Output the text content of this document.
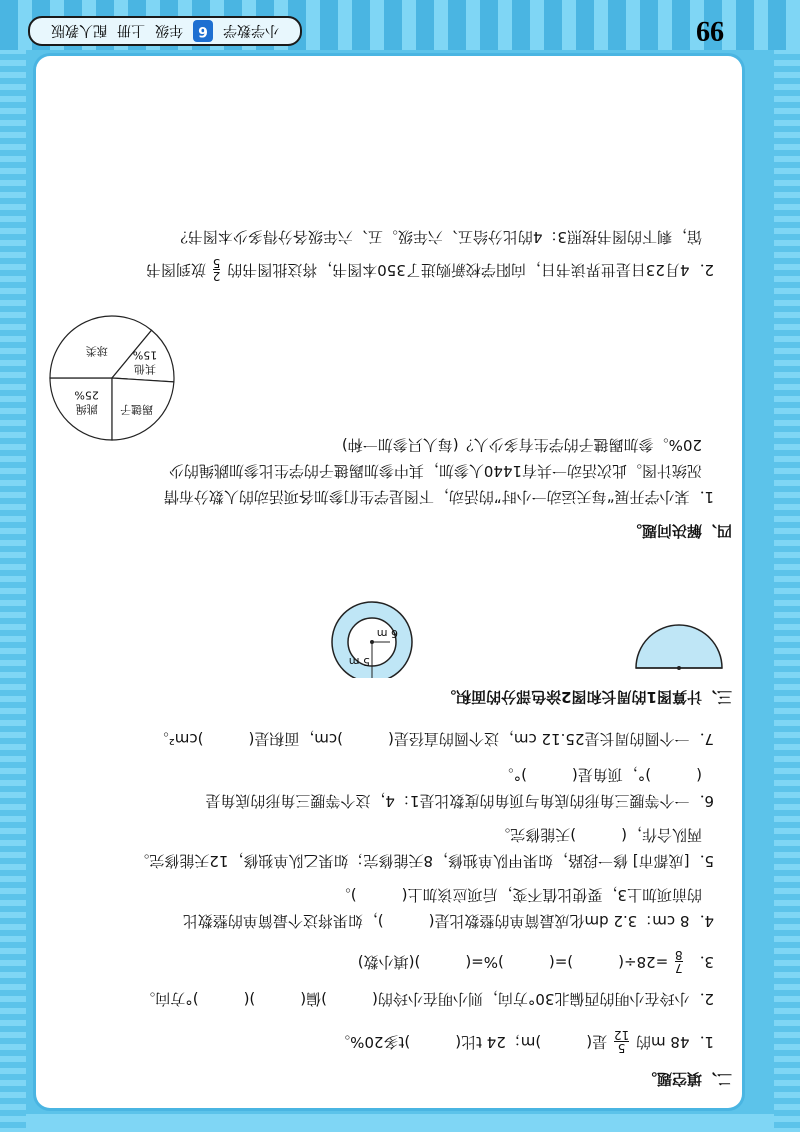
99
小学数学
6
年级
上册
配人教版
二、填空题。
1．48 m的
5
12
是(　　　)m；24 t比(　　　)t多20%。
2．小玲在小明的西偏北30°方向，则小明在小玲的(　　　)偏(　　　)(　　　)°方向。
3．
7
8
=28÷(　　　)=(　　　)%=(　　　)(填小数)
4．8 cm：3.2 dm化成最简单的整数比是(　　　)，如果将这个最简单的整数比
的前项加上3，要使比值不变，后项应该加上(　　　)。
5．[成都市] 修一段路，如果甲队单独修，8天能修完；如果乙队单独修，12天能修完。
两队合作，(　　　)天能修完。
6．一个等腰三角形的底角与顶角的度数比是1：4，这个等腰三角形的底角是
(　　　)°，顶角是(　　　)°。
7．一个圆的周长是25.12 cm，这个圆的直径是(　　　)cm，面积是(　　　)cm²。
三、计算图1的周长和图2涂色部分的面积。
5 m
6 m
四、解决问题。
1．某小学开展“每天运动一小时”的活动，下图是学生们参加各项活动的人数分布情
况统计图。此次活动一共有1440人参加，其中参加踢毽子的学生比参加跳绳的少
20%。参加踢毽子的学生有多少人？(每人只参加一种)
跳绳
25%
球类
其他
15%
踢毽子
2．4月23日是世界读书日，向阳学校新购进了350本图书，将这批图书的
2
5
放到图书
馆，剩下的图书按照3：4的比分给五、六年级。五、六年级各分得多少本图书？
